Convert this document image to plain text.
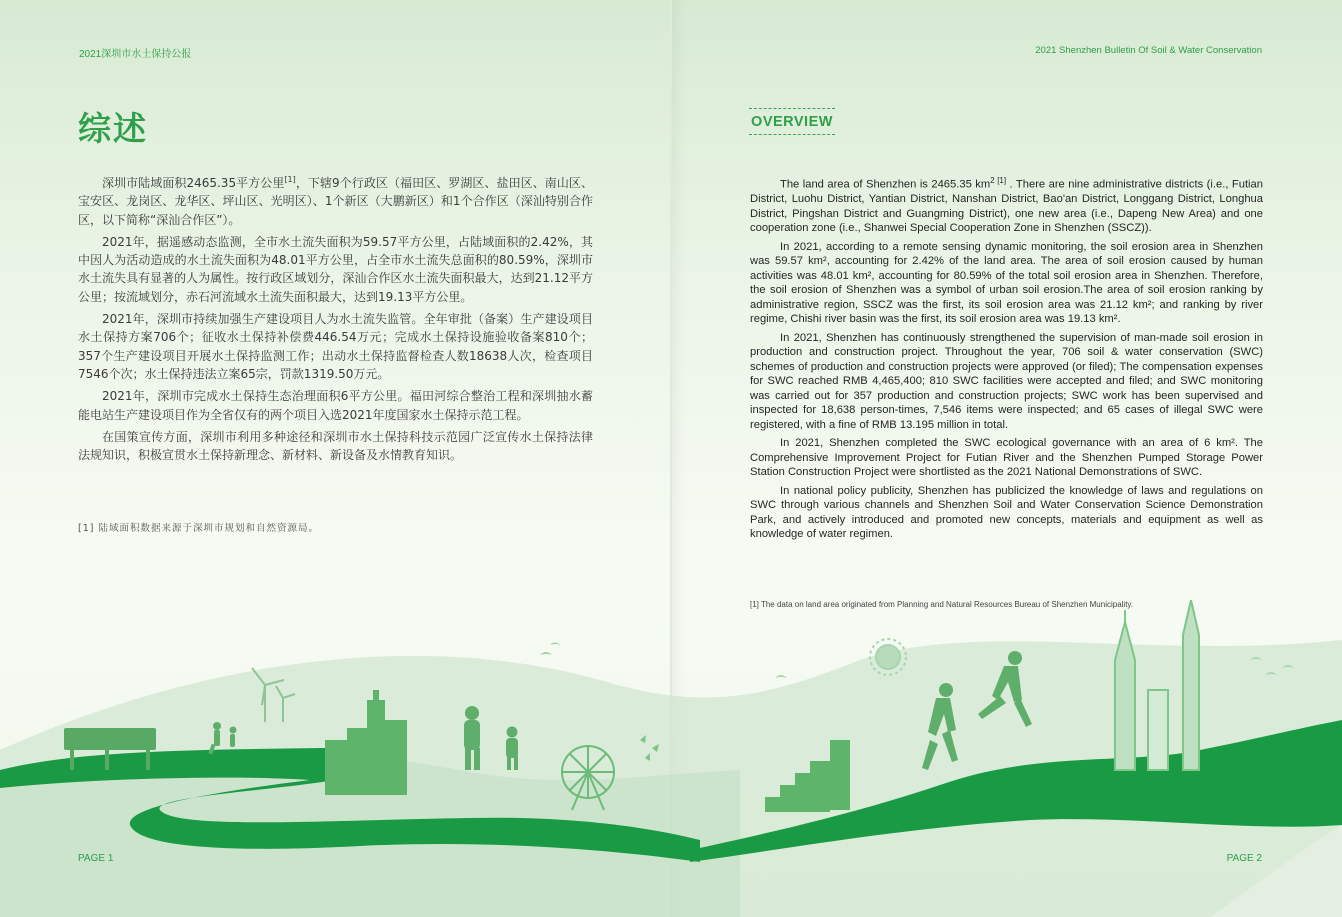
2021深圳市水土保持公报	2021 Shenzhen Bulletin Of Soil & Water Conservation
综述	OVERVIEW

深圳市陆域面积2465.35平方公里[1]，下辖9个行政区（福田区、罗湖区、盐田区、南山区、宝安区、龙岗区、龙华区、坪山区、光明区）、1个新区（大鹏新区）和1个合作区（深汕特别合作区，以下简称“深汕合作区”）。

2021年，据遥感动态监测，全市水土流失面积为59.57平方公里，占陆域面积的2.42%，其中因人为活动造成的水土流失面积为48.01平方公里，占全市水土流失总面积的80.59%，深圳市水土流失具有显著的人为属性。按行政区域划分，深汕合作区水土流失面积最大，达到21.12平方公里；按流域划分，赤石河流域水土流失面积最大，达到19.13平方公里。

2021年，深圳市持续加强生产建设项目人为水土流失监管。全年审批（备案）生产建设项目水土保持方案706个；征收水土保持补偿费446.54万元；完成水土保持设施验收备案810个；357个生产建设项目开展水土保持监测工作；出动水土保持监督检查人数18638人次，检查项目7546个次；水土保持违法立案65宗，罚款1319.50万元。

2021年，深圳市完成水土保持生态治理面积6平方公里。福田河综合整治工程和深圳抽水蓄能电站生产建设项目作为全省仅有的两个项目入选2021年度国家水土保持示范工程。

在国策宣传方面，深圳市利用多种途径和深圳市水土保持科技示范园广泛宣传水土保持法律法规知识，积极宣贯水土保持新理念、新材料、新设备及水情教育知识。

[1] 陆域面积数据来源于深圳市规划和自然资源局。

The land area of Shenzhen is 2465.35 $km^{2 [1]}$ . There are nine administrative districts (i.e., Futian District, Luohu District, Yantian District, Nanshan District, Bao'an District, Longgang District, Longhua District, Pingshan District and Guangming District), one new area (i.e., Dapeng New Area) and one cooperation zone (i.e., Shanwei Special Cooperation Zone in Shenzhen (SSCZ)).

In 2021, according to a remote sensing dynamic monitoring, the soil erosion area in Shenzhen was 59.57 km², accounting for 2.42% of the land area. The area of soil erosion caused by human activities was 48.01 km², accounting for 80.59% of the total soil erosion area in Shenzhen. Therefore, the soil erosion of Shenzhen was a symbol of urban soil erosion.The area of soil erosion ranking by administrative region, SSCZ was the first, its soil erosion area was 21.12 km²; and ranking by river regime, Chishi river basin was the first, its soil erosion area was 19.13 km².

In 2021, Shenzhen has continuously strengthened the supervision of man-made soil erosion in production and construction project. Throughout the year, 706 soil & water conservation (SWC) schemes of production and construction projects were approved (or filed); The compensation expenses for SWC reached RMB 4,465,400; 810 SWC facilities were accepted and filed; and SWC monitoring was carried out for 357 production and construction projects; SWC work has been supervised and inspected for 18,638 person-times, 7,546 items were inspected; and 65 cases of illegal SWC were registered, with a fine of RMB 13.195 million in total.

In 2021, Shenzhen completed the SWC ecological governance with an area of 6 km². The Comprehensive Improvement Project for Futian River and the Shenzhen Pumped Storage Power Station Construction Project were shortlisted as the 2021 National Demonstrations of SWC.

In national policy publicity, Shenzhen has publicized the knowledge of laws and regulations on SWC through various channels and Shenzhen Soil and Water Conservation Science Demonstration Park, and actively introduced and promoted new concepts, materials and equipment as well as knowledge of water regimen.

[1] The data on land area originated from Planning and Natural Resources Bureau of Shenzhen Municipality.
PAGE 1	PAGE 2
